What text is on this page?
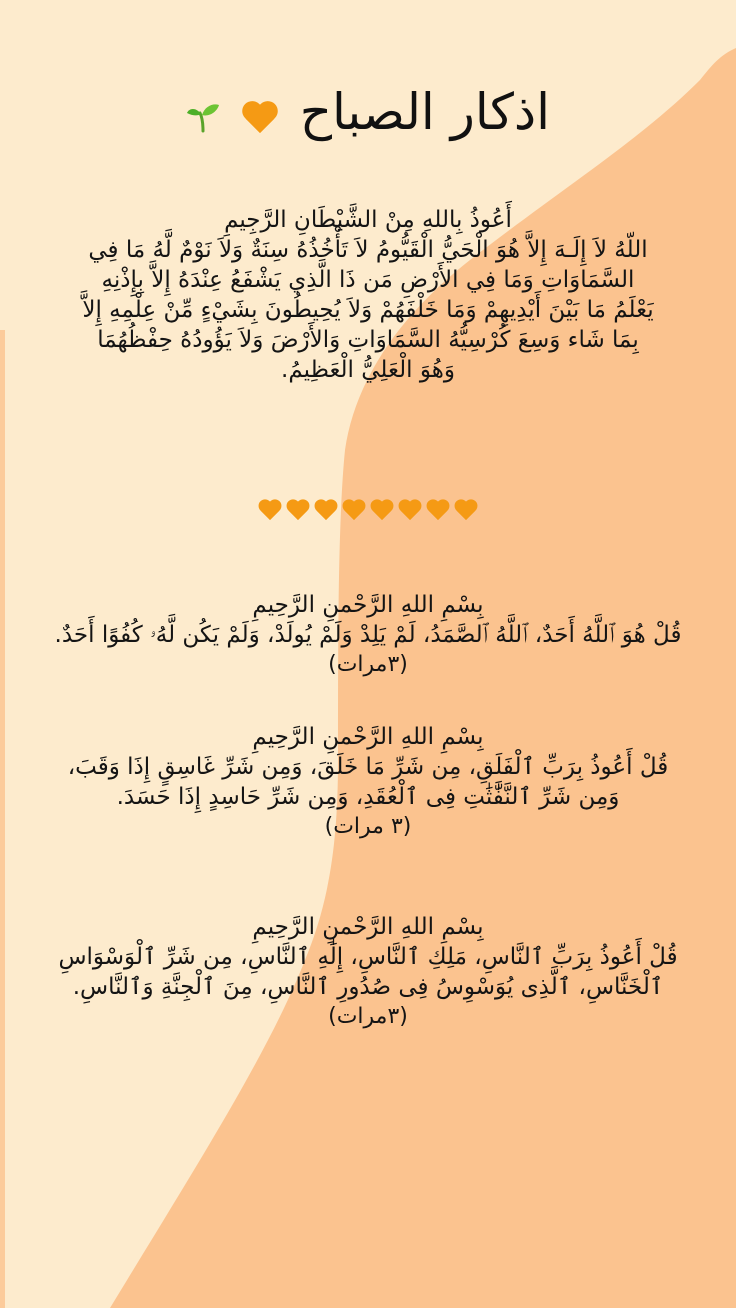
اذكار الصباح
أَعُوذُ بِاللهِ مِنْ الشَّيْطَانِ الرَّجِيمِ
اللّهُ لاَ إِلَـهَ إِلاَّ هُوَ الْحَيُّ الْقَيُّومُ لاَ تَأْخُذُهُ سِنَةٌ وَلاَ نَوْمٌ لَّهُ مَا فِي
السَّمَاوَاتِ وَمَا فِي الأَرْضِ مَن ذَا الَّذِي يَشْفَعُ عِنْدَهُ إِلاَّ بِإِذْنِهِ
يَعْلَمُ مَا بَيْنَ أَيْدِيهِمْ وَمَا خَلْفَهُمْ وَلاَ يُحِيطُونَ بِشَيْءٍ مِّنْ عِلْمِهِ إِلاَّ
بِمَا شَاء وَسِعَ كُرْسِيُّهُ السَّمَاوَاتِ وَالأَرْضَ وَلاَ يَؤُودُهُ حِفْظُهُمَا
وَهُوَ الْعَلِيُّ الْعَظِيمُ.
بِسْمِ اللهِ الرَّحْمنِ الرَّحِيمِ
قُلْ هُوَ ٱللَّهُ أَحَدٌ، ٱللَّهُ ٱلصَّمَدُ، لَمْ يَلِدْ وَلَمْ يُولَدْ، وَلَمْ يَكُن لَّهُۥ كُفُوًا أَحَدٌ.
(٣مرات)
بِسْمِ اللهِ الرَّحْمنِ الرَّحِيمِ
قُلْ أَعُوذُ بِرَبِّ ٱلْفَلَقِ، مِن شَرِّ مَا خَلَقَ، وَمِن شَرِّ غَاسِقٍ إِذَا وَقَبَ،
وَمِن شَرِّ ٱلنَّفَّٰثَٰتِ فِى ٱلْعُقَدِ، وَمِن شَرِّ حَاسِدٍ إِذَا حَسَدَ.
(٣ مرات)
بِسْمِ اللهِ الرَّحْمنِ الرَّحِيمِ
قُلْ أَعُوذُ بِرَبِّ ٱلنَّاسِ، مَلِكِ ٱلنَّاسِ، إِلَٰهِ ٱلنَّاسِ، مِن شَرِّ ٱلْوَسْوَاسِ
ٱلْخَنَّاسِ، ٱلَّذِى يُوَسْوِسُ فِى صُدُورِ ٱلنَّاسِ، مِنَ ٱلْجِنَّةِ وَٱلنَّاسِ.
(٣مرات)
